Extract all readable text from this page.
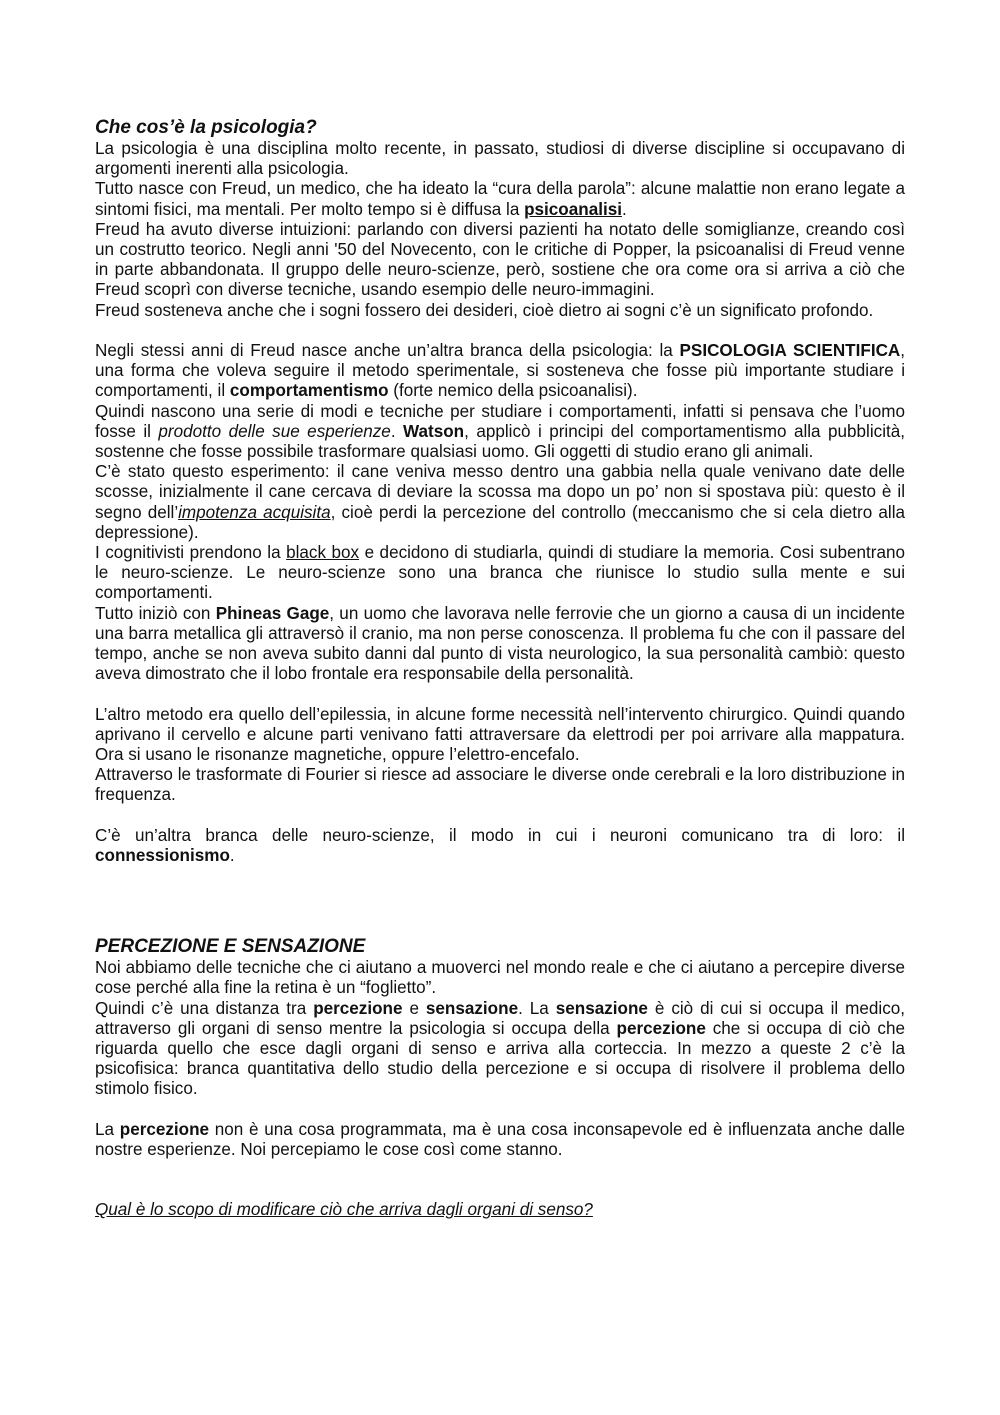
Che cos’è la psicologia?

La psicologia è una disciplina molto recente, in passato, studiosi di diverse discipline si occupavano di argomenti inerenti alla psicologia.

Tutto nasce con Freud, un medico, che ha ideato la “cura della parola”: alcune malattie non erano legate a sintomi fisici, ma mentali. Per molto tempo si è diffusa la psicoanalisi.

Freud ha avuto diverse intuizioni: parlando con diversi pazienti ha notato delle somiglianze, creando così un costrutto teorico. Negli anni '50 del Novecento, con le critiche di Popper, la psicoanalisi di Freud venne in parte abbandonata. Il gruppo delle neuro-scienze, però, sostiene che ora come ora si arriva a ciò che Freud scoprì con diverse tecniche, usando esempio delle neuro-immagini.

Freud sosteneva anche che i sogni fossero dei desideri, cioè dietro ai sogni c’è un significato profondo.

Negli stessi anni di Freud nasce anche un’altra branca della psicologia: la PSICOLOGIA SCIENTIFICA, una forma che voleva seguire il metodo sperimentale, si sosteneva che fosse più importante studiare i comportamenti, il comportamentismo (forte nemico della psicoanalisi).

Quindi nascono una serie di modi e tecniche per studiare i comportamenti, infatti si pensava che l’uomo fosse il prodotto delle sue esperienze. Watson, applicò i principi del comportamentismo alla pubblicità, sostenne che fosse possibile trasformare qualsiasi uomo. Gli oggetti di studio erano gli animali.

C’è stato questo esperimento: il cane veniva messo dentro una gabbia nella quale venivano date delle scosse, inizialmente il cane cercava di deviare la scossa ma dopo un po’ non si spostava più: questo è il segno dell’impotenza acquisita, cioè perdi la percezione del controllo (meccanismo che si cela dietro alla depressione).

I cognitivisti prendono la black box e decidono di studiarla, quindi di studiare la memoria. Cosi subentrano le neuro-scienze. Le neuro-scienze sono una branca che riunisce lo studio sulla mente e sui comportamenti.

Tutto iniziò con Phineas Gage, un uomo che lavorava nelle ferrovie che un giorno a causa di un incidente una barra metallica gli attraversò il cranio, ma non perse conoscenza. Il problema fu che con il passare del tempo, anche se non aveva subito danni dal punto di vista neurologico, la sua personalità cambiò: questo aveva dimostrato che il lobo frontale era responsabile della personalità.

L’altro metodo era quello dell’epilessia, in alcune forme necessità nell’intervento chirurgico. Quindi quando aprivano il cervello e alcune parti venivano fatti attraversare da elettrodi per poi arrivare alla mappatura. Ora si usano le risonanze magnetiche, oppure l’elettro-encefalo.

Attraverso le trasformate di Fourier si riesce ad associare le diverse onde cerebrali e la loro distribuzione in frequenza.

C’è un’altra branca delle neuro-scienze, il modo in cui i neuroni comunicano tra di loro: il connessionismo.

PERCEZIONE E SENSAZIONE

Noi abbiamo delle tecniche che ci aiutano a muoverci nel mondo reale e che ci aiutano a percepire diverse cose perché alla fine la retina è un “foglietto”.

Quindi c’è una distanza tra percezione e sensazione. La sensazione è ciò di cui si occupa il medico, attraverso gli organi di senso mentre la psicologia si occupa della percezione che si occupa di ciò che riguarda quello che esce dagli organi di senso e arriva alla corteccia. In mezzo a queste 2 c’è la psicofisica: branca quantitativa dello studio della percezione e si occupa di risolvere il problema dello stimolo fisico.

La percezione non è una cosa programmata, ma è una cosa inconsapevole ed è influenzata anche dalle nostre esperienze. Noi percepiamo le cose così come stanno.

Qual è lo scopo di modificare ciò che arriva dagli organi di senso?
